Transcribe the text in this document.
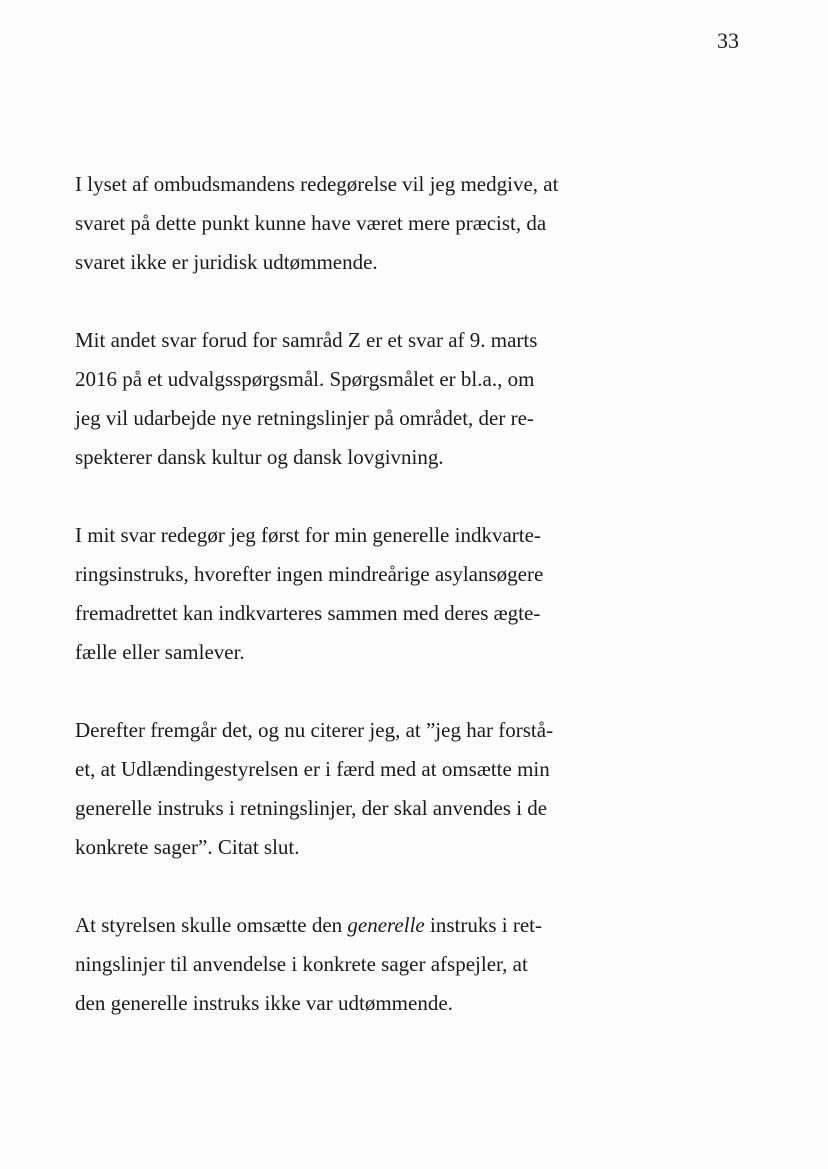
33

I lyset af ombudsmandens redegørelse vil jeg medgive, at
svaret på dette punkt kunne have været mere præcist, da
svaret ikke er juridisk udtømmende.

Mit andet svar forud for samråd Z er et svar af 9. marts
2016 på et udvalgsspørgsmål. Spørgsmålet er bl.a., om
jeg vil udarbejde nye retningslinjer på området, der re-
spekterer dansk kultur og dansk lovgivning.

I mit svar redegør jeg først for min generelle indkvarte-
ringsinstruks, hvorefter ingen mindreårige asylansøgere
fremadrettet kan indkvarteres sammen med deres ægte-
fælle eller samlever.

Derefter fremgår det, og nu citerer jeg, at ”jeg har forstå-
et, at Udlændingestyrelsen er i færd med at omsætte min
generelle instruks i retningslinjer, der skal anvendes i de
konkrete sager”. Citat slut.

At styrelsen skulle omsætte den generelle instruks i ret-
ningslinjer til anvendelse i konkrete sager afspejler, at
den generelle instruks ikke var udtømmende.
